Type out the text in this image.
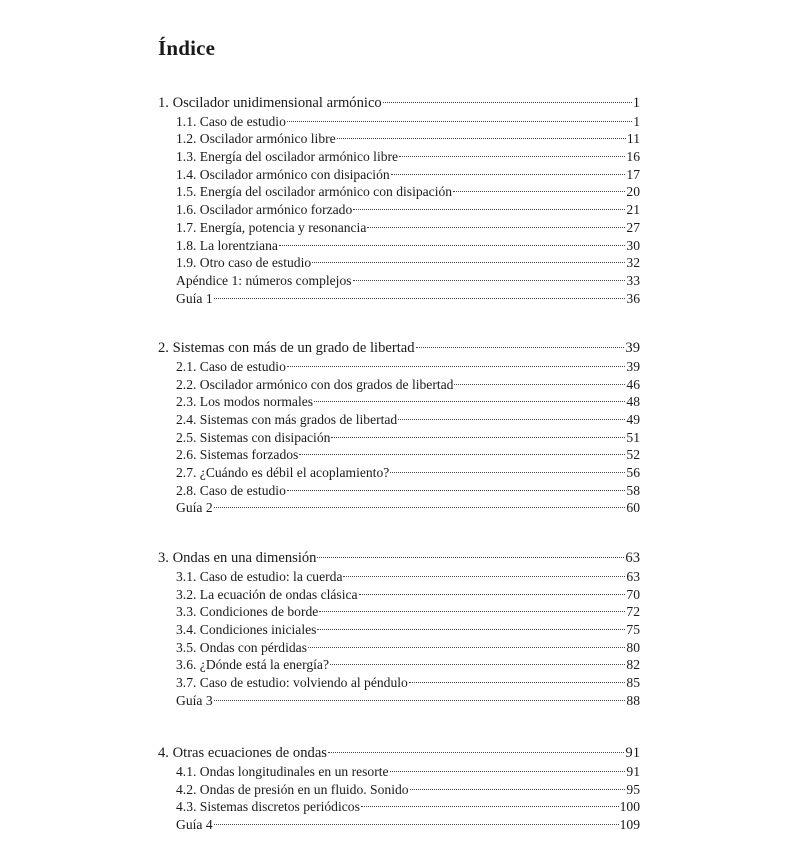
Índice
1. Oscilador unidimensional armónico	1
1.1. Caso de estudio	1
1.2. Oscilador armónico libre	11
1.3. Energía del oscilador armónico libre	16
1.4. Oscilador armónico con disipación	17
1.5. Energía del oscilador armónico con disipación	20
1.6. Oscilador armónico forzado	21
1.7. Energía, potencia y resonancia	27
1.8. La lorentziana	30
1.9. Otro caso de estudio	32
Apéndice 1: números complejos	33
Guía 1	36
2. Sistemas con más de un grado de libertad	39
2.1. Caso de estudio	39
2.2. Oscilador armónico con dos grados de libertad	46
2.3. Los modos normales	48
2.4. Sistemas con más grados de libertad	49
2.5. Sistemas con disipación	51
2.6. Sistemas forzados	52
2.7. ¿Cuándo es débil el acoplamiento?	56
2.8. Caso de estudio	58
Guía 2	60
3. Ondas en una dimensión	63
3.1. Caso de estudio: la cuerda	63
3.2. La ecuación de ondas clásica	70
3.3. Condiciones de borde	72
3.4. Condiciones iniciales	75
3.5. Ondas con pérdidas	80
3.6. ¿Dónde está la energía?	82
3.7. Caso de estudio: volviendo al péndulo	85
Guía 3	88
4. Otras ecuaciones de ondas	91
4.1. Ondas longitudinales en un resorte	91
4.2. Ondas de presión en un fluido. Sonido	95
4.3. Sistemas discretos periódicos	100
Guía 4	109
